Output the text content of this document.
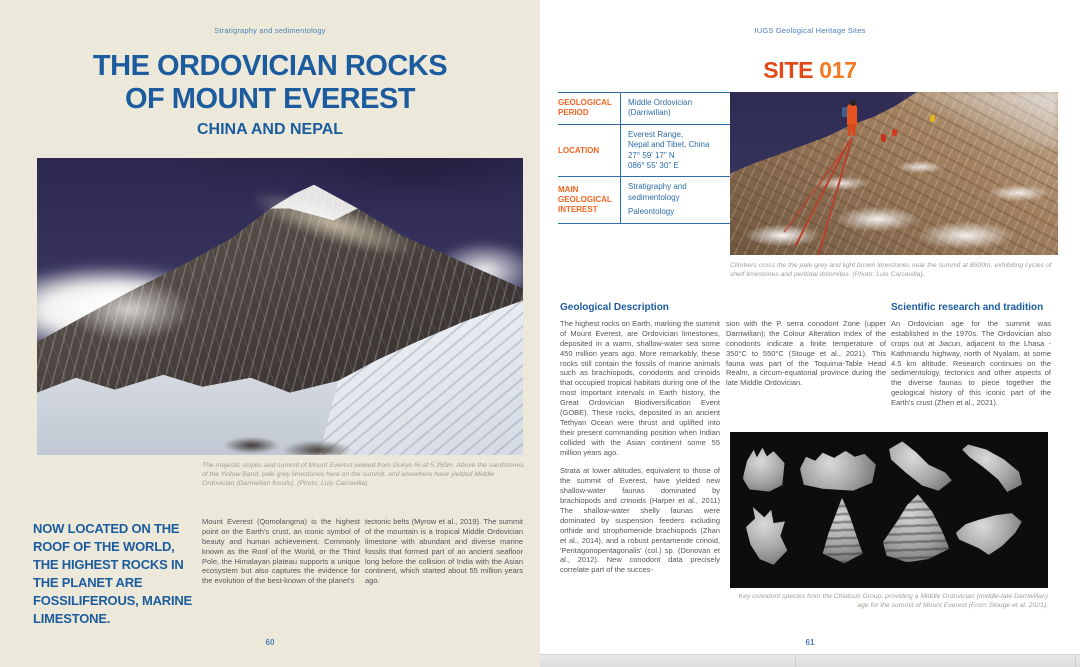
Stratigraphy and sedimentology
THE ORDOVICIAN ROCKS
OF MOUNT EVEREST
CHINA AND NEPAL
The majestic slopes and summit of Mount Everest viewed from Gokyo Ri at 5,350m. Above the sandstones of the Yellow Band, pale grey limestones here on the summit, and elsewhere have yielded Middle Ordovician (Darriwilian fossils). (Photo: Luis Carcavilla).
NOW LOCATED ON THE ROOF OF THE WORLD, THE HIGHEST ROCKS IN THE PLANET ARE FOSSILIFEROUS, MARINE LIMESTONE.
Mount Everest (Qomolangma) is the highest point on the Earth's crust, an iconic symbol of beauty and human achievement. Commonly known as the Roof of the World, or the Third Pole, the Himalayan plateau supports a unique ecosystem but also captures the evidence for the evolution of the best-known of the planet's
tectonic belts (Myrow et al., 2019). The summit of the mountain is a tropical Middle Ordovician limestone with abundant and diverse marine fossils that formed part of an ancient seafloor long before the collision of India with the Asian continent, which started about 55 million years ago.
60
IUGS Geological Heritage Sites
SITE 017
GEOLOGICAL PERIOD
Middle Ordovician
(Darriwilian)
LOCATION
Everest Range,
Nepal and Tibet, China
27° 59' 17" N
086° 55' 30" E
MAIN GEOLOGICAL INTEREST
Stratigraphy and sedimentology
Paleontology
Climbers cross the the pale grey and light brown limestones near the summit at 8500m, exhibiting cycles of shelf limestones and peritidal dolomites. (Photo: Luis Carcavilla).
Geological Description

The highest rocks on Earth, marking the summit of Mount Everest, are Ordovician limestones, deposited in a warm, shallow-water sea some 450 million years ago. More remarkably, these rocks still contain the fossils of marine animals such as brachiopods, conodonts and crinoids that occupied tropical habitats during one of the most important intervals in Earth history, the Great Ordovician Biodiversification Event (GOBE). These rocks, deposited in an ancient Tethyan Ocean were thrust and uplifted into their present commanding position when Indian collided with the Asian continent some 55 million years ago.

Strata at lower altitudes, equivalent to those of the summit of Everest, have yielded new shallow-water faunas dominated by brachiopods and crinoids (Harper et al., 2011) The shallow-water shelly faunas were dominated by suspension feeders including orthide and strophomenide brachiopods (Zhan et al., 2014), and a robust pentameride crinoid, 'Pentagonopentagonalis' (col.) sp. (Donovan et al., 2012). New conodont data precisely correlate part of the succes-

sion with the P. serra conodont Zone (upper Darriwilian); the Colour Alteration Index of the conodonts indicate a finite temperature of 350°C to 550°C (Stouge et al., 2021). This fauna was part of the Toquima-Table Head Realm, a circum-equatorial province during the late Middle Ordovician.

Scientific research and tradition

An Ordovician age for the summit was established in the 1970s. The Ordovician also crops out at Jiacun, adjacent to the Lhasa - Kathmandu highway, north of Nyalam, at some 4.5 km altitude. Research continues on the sedimentology, tectonics and other aspects of the diverse faunas to piece together the geological history of this iconic part of the Earth's crust (Zhen et al., 2021).

Key conodont species from the Chiatsun Group, providing a Middle Ordovician (middle-late Darriwilian) age for the summit of Mount Everest (From Stouge et al. 2021).
61
